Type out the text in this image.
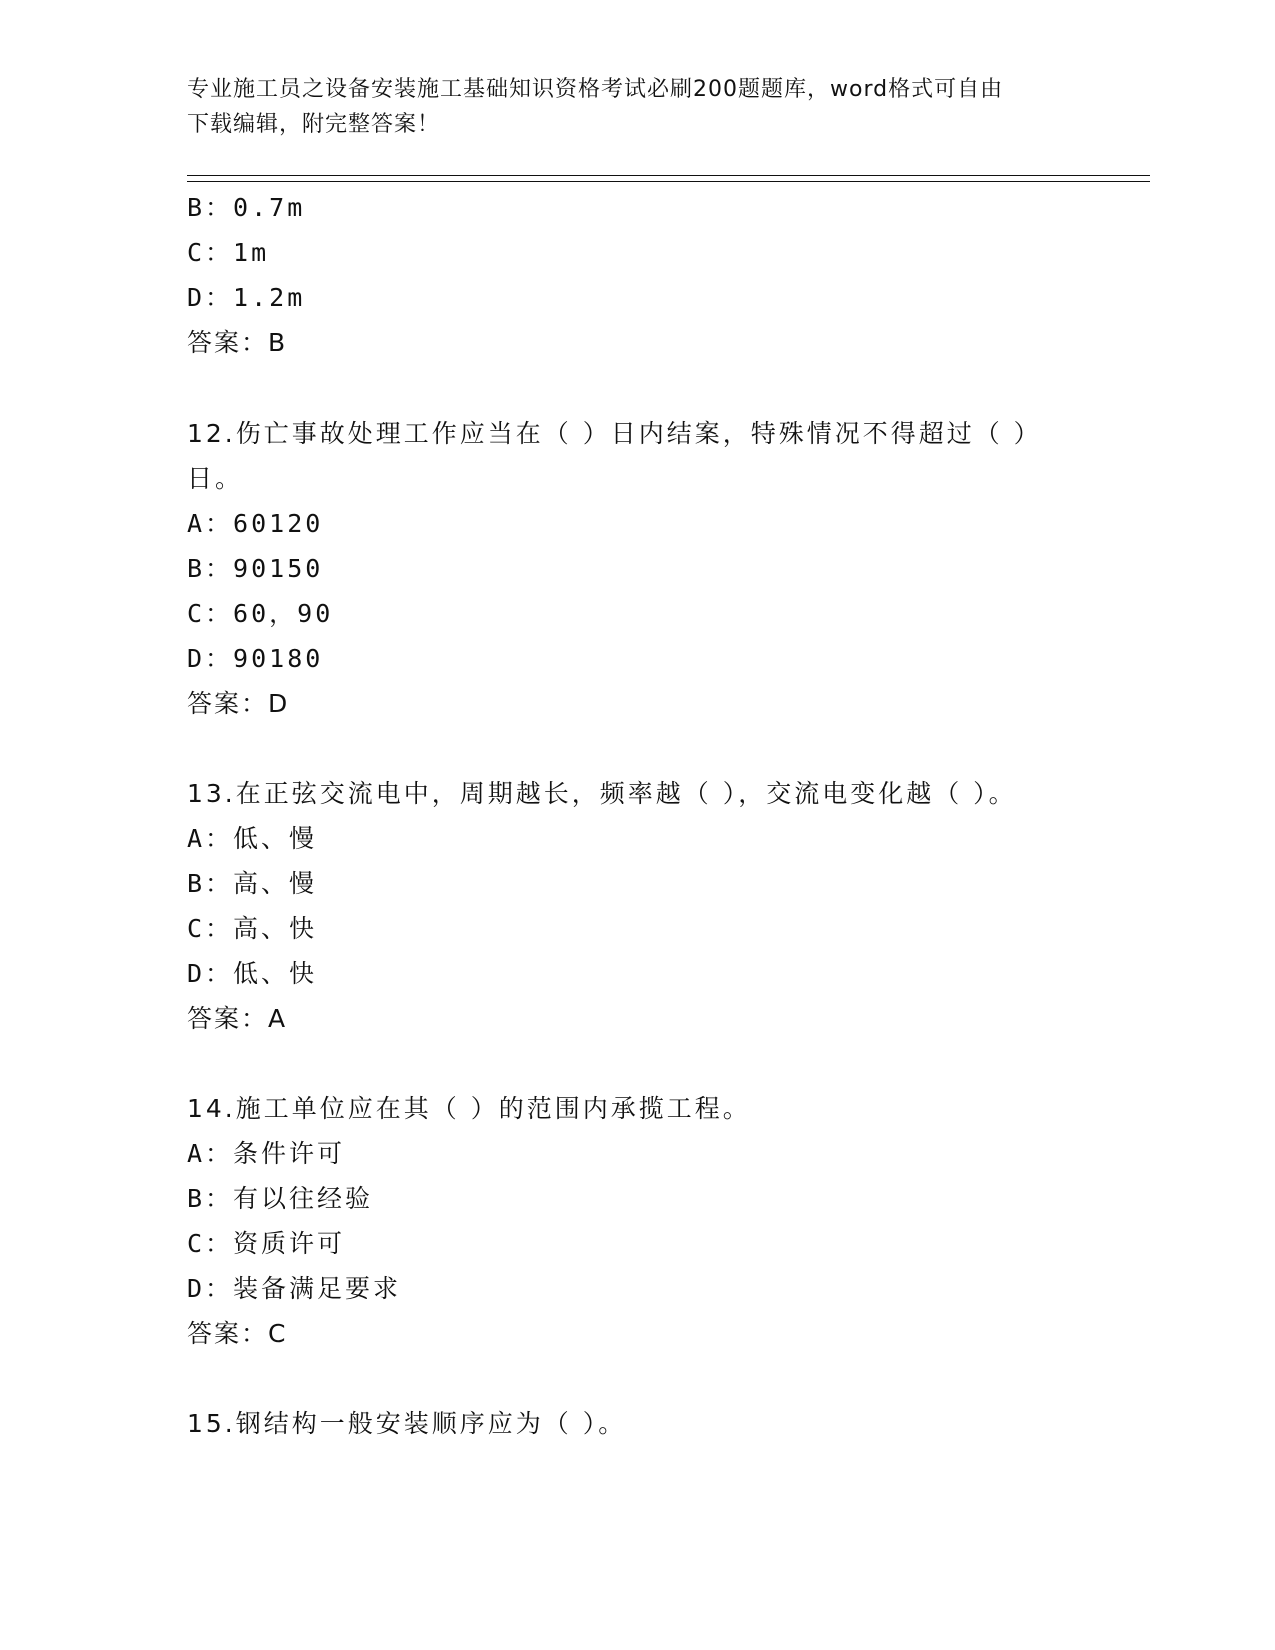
专业施工员之设备安装施工基础知识资格考试必刷200题题库，word格式可自由
下载编辑，附完整答案！
B：0.7m
C：1m
D：1.2m
答案：B
12.伤亡事故处理工作应当在（ ）日内结案，特殊情况不得超过（ ）
日。
A：60120
B：90150
C：60，90
D：90180
答案：D
13.在正弦交流电中，周期越长，频率越（ ），交流电变化越（ ）。
A：低、慢
B：高、慢
C：高、快
D：低、快
答案：A
14.施工单位应在其（ ）的范围内承揽工程。
A：条件许可
B：有以往经验
C：资质许可
D：装备满足要求
答案：C
15.钢结构一般安装顺序应为（ ）。
